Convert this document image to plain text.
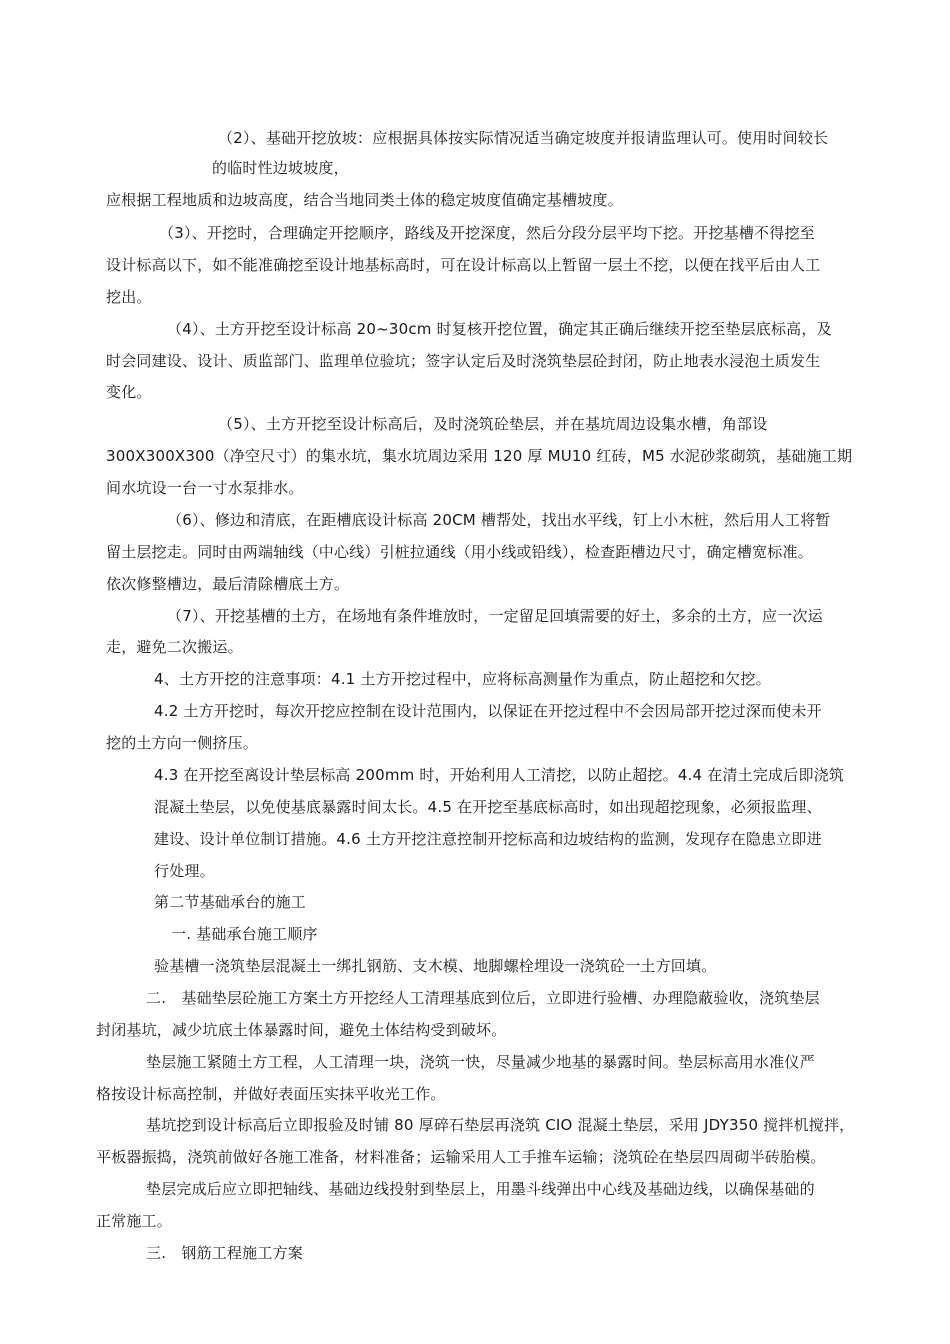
（2）、基础开挖放坡：应根据具体按实际情况适当确定坡度并报请监理认可。使用时间较长
的临时性边坡坡度，
应根据工程地质和边坡高度，结合当地同类土体的稳定坡度值确定基槽坡度。
（3）、开挖时，合理确定开挖顺序，路线及开挖深度，然后分段分层平均下挖。开挖基槽不得挖至
设计标高以下，如不能准确挖至设计地基标高时，可在设计标高以上暂留一层土不挖，以便在找平后由人工
挖出。
（4）、土方开挖至设计标高 20~30cm 时复核开挖位置，确定其正确后继续开挖至垫层底标高，及
时会同建设、设计、质监部门、监理单位验坑；签字认定后及时浇筑垫层砼封闭，防止地表水浸泡土质发生
变化。
（5）、土方开挖至设计标高后，及时浇筑砼垫层，并在基坑周边设集水槽，角部设
300X300X300（净空尺寸）的集水坑，集水坑周边采用 120 厚 MU10 红砖，M5 水泥砂浆砌筑，基础施工期
间水坑设一台一寸水泵排水。
（6）、修边和清底，在距槽底设计标高 20CM 槽帮处，找出水平线，钉上小木桩，然后用人工将暂
留土层挖走。同时由两端轴线（中心线）引桩拉通线（用小线或铅线），检查距槽边尺寸，确定槽宽标准。
依次修整槽边，最后清除槽底土方。
（7）、开挖基槽的土方，在场地有条件堆放时，一定留足回填需要的好土，多余的土方，应一次运
走，避免二次搬运。
4、土方开挖的注意事项：4.1 土方开挖过程中，应将标高测量作为重点，防止超挖和欠挖。
4.2 土方开挖时，每次开挖应控制在设计范围内，以保证在开挖过程中不会因局部开挖过深而使未开
挖的土方向一侧挤压。
4.3 在开挖至离设计垫层标高 200mm 时，开始利用人工清挖，以防止超挖。4.4 在清土完成后即浇筑
混凝土垫层，以免使基底暴露时间太长。4.5 在开挖至基底标高时，如出现超挖现象，必须报监理、
建设、设计单位制订措施。4.6 土方开挖注意控制开挖标高和边坡结构的监测，发现存在隐患立即进
行处理。
第二节基础承台的施工
一. 基础承台施工顺序
验基槽一浇筑垫层混凝土一绑扎钢筋、支木模、地脚螺栓埋设一浇筑砼一土方回填。
二.　基础垫层砼施工方案土方开挖经人工清理基底到位后，立即进行验槽、办理隐蔽验收，浇筑垫层
封闭基坑，减少坑底土体暴露时间，避免土体结构受到破坏。
垫层施工紧随土方工程，人工清理一块，浇筑一快，尽量减少地基的暴露时间。垫层标高用水准仪严
格按设计标高控制，并做好表面压实抹平收光工作。
基坑挖到设计标高后立即报验及时铺 80 厚碎石垫层再浇筑 CIO 混凝土垫层，采用 JDY350 搅拌机搅拌，
平板器振捣，浇筑前做好各施工准备，材料准备；运输采用人工手推车运输；浇筑砼在垫层四周砌半砖胎模。
垫层完成后应立即把轴线、基础边线投射到垫层上，用墨斗线弹出中心线及基础边线，以确保基础的
正常施工。
三.　钢筋工程施工方案
